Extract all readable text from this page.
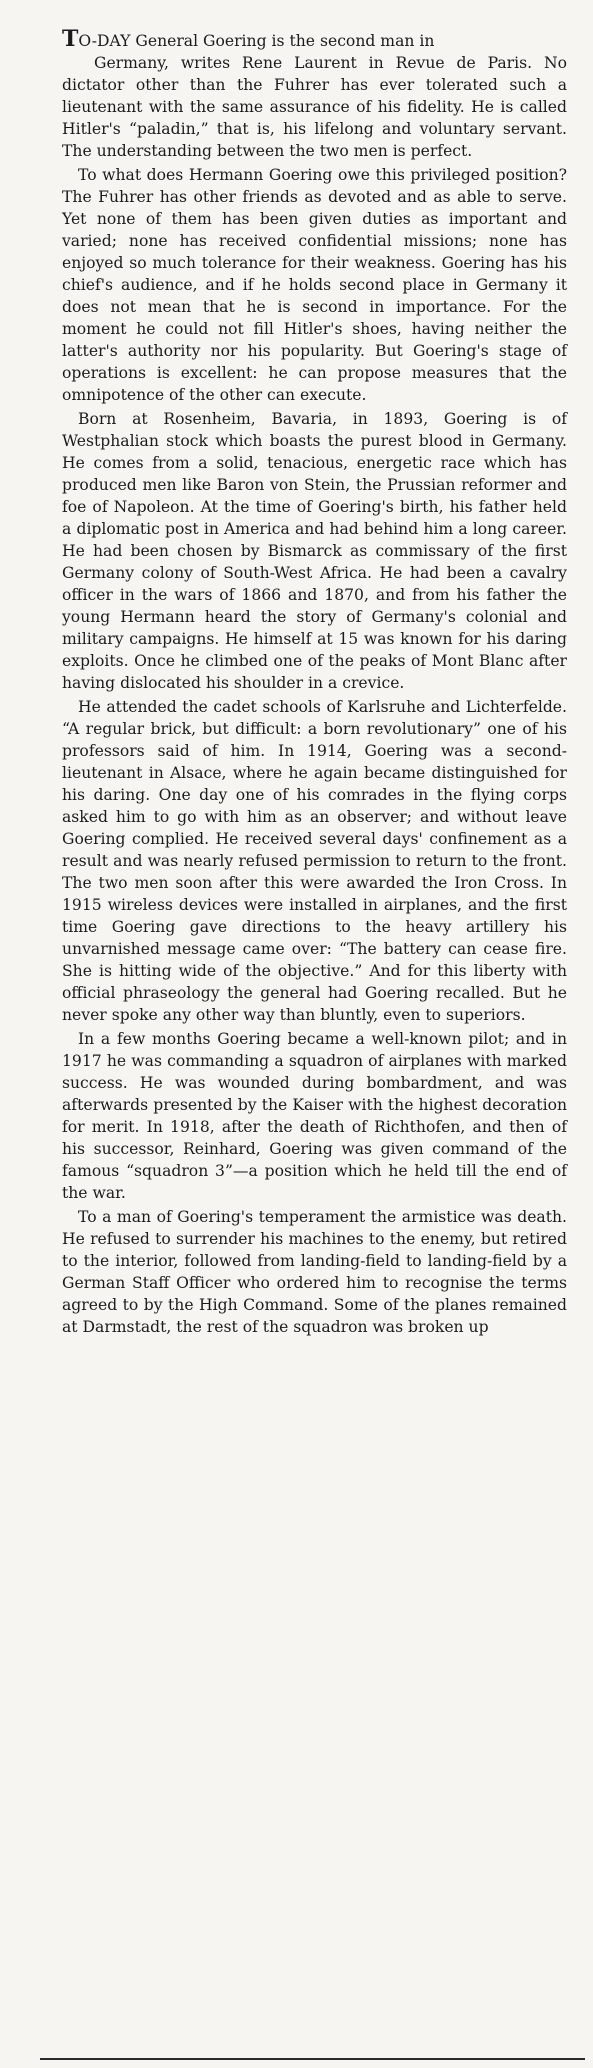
TO-DAY General Goering is the second man in
Germany, writes Rene Laurent in Revue de Paris. No dictator other than the Fuhrer has ever tolerated such a lieutenant with the same assurance of his fidelity. He is called Hitler's “paladin,” that is, his lifelong and voluntary servant. The understanding between the two men is perfect.

To what does Hermann Goering owe this privileged position? The Fuhrer has other friends as devoted and as able to serve. Yet none of them has been given duties as important and varied; none has received confidential missions; none has enjoyed so much tolerance for their weakness. Goering has his chief's audience, and if he holds second place in Germany it does not mean that he is second in importance. For the moment he could not fill Hitler's shoes, having neither the latter's authority nor his popularity. But Goering's stage of operations is excellent: he can propose measures that the omnipotence of the other can execute.

Born at Rosenheim, Bavaria, in 1893, Goering is of Westphalian stock which boasts the purest blood in Germany. He comes from a solid, tenacious, energetic race which has produced men like Baron von Stein, the Prussian reformer and foe of Napoleon. At the time of Goering's birth, his father held a diplomatic post in America and had behind him a long career. He had been chosen by Bismarck as commissary of the first Germany colony of South-West Africa. He had been a cavalry officer in the wars of 1866 and 1870, and from his father the young Hermann heard the story of Germany's colonial and military campaigns. He himself at 15 was known for his daring exploits. Once he climbed one of the peaks of Mont Blanc after having dislocated his shoulder in a crevice.

He attended the cadet schools of Karlsruhe and Lichterfelde. “A regular brick, but difficult: a born revolutionary” one of his professors said of him. In 1914, Goering was a second-lieutenant in Alsace, where he again became distinguished for his daring. One day one of his comrades in the flying corps asked him to go with him as an observer; and without leave Goering complied. He received several days' confinement as a result and was nearly refused permission to return to the front. The two men soon after this were awarded the Iron Cross. In 1915 wireless devices were installed in airplanes, and the first time Goering gave directions to the heavy artillery his unvarnished message came over: “The battery can cease fire. She is hitting wide of the objective.” And for this liberty with official phraseology the general had Goering recalled. But he never spoke any other way than bluntly, even to superiors.

In a few months Goering became a well-known pilot; and in 1917 he was commanding a squadron of airplanes with marked success. He was wounded during bombardment, and was afterwards presented by the Kaiser with the highest decoration for merit. In 1918, after the death of Richthofen, and then of his successor, Reinhard, Goering was given command of the famous “squadron 3”—a position which he held till the end of the war.

To a man of Goering's temperament the armistice was death. He refused to surrender his machines to the enemy, but retired to the interior, followed from landing-field to landing-field by a German Staff Officer who ordered him to recognise the terms agreed to by the High Command. Some of the planes remained at Darmstadt, the rest of the squadron was broken up
